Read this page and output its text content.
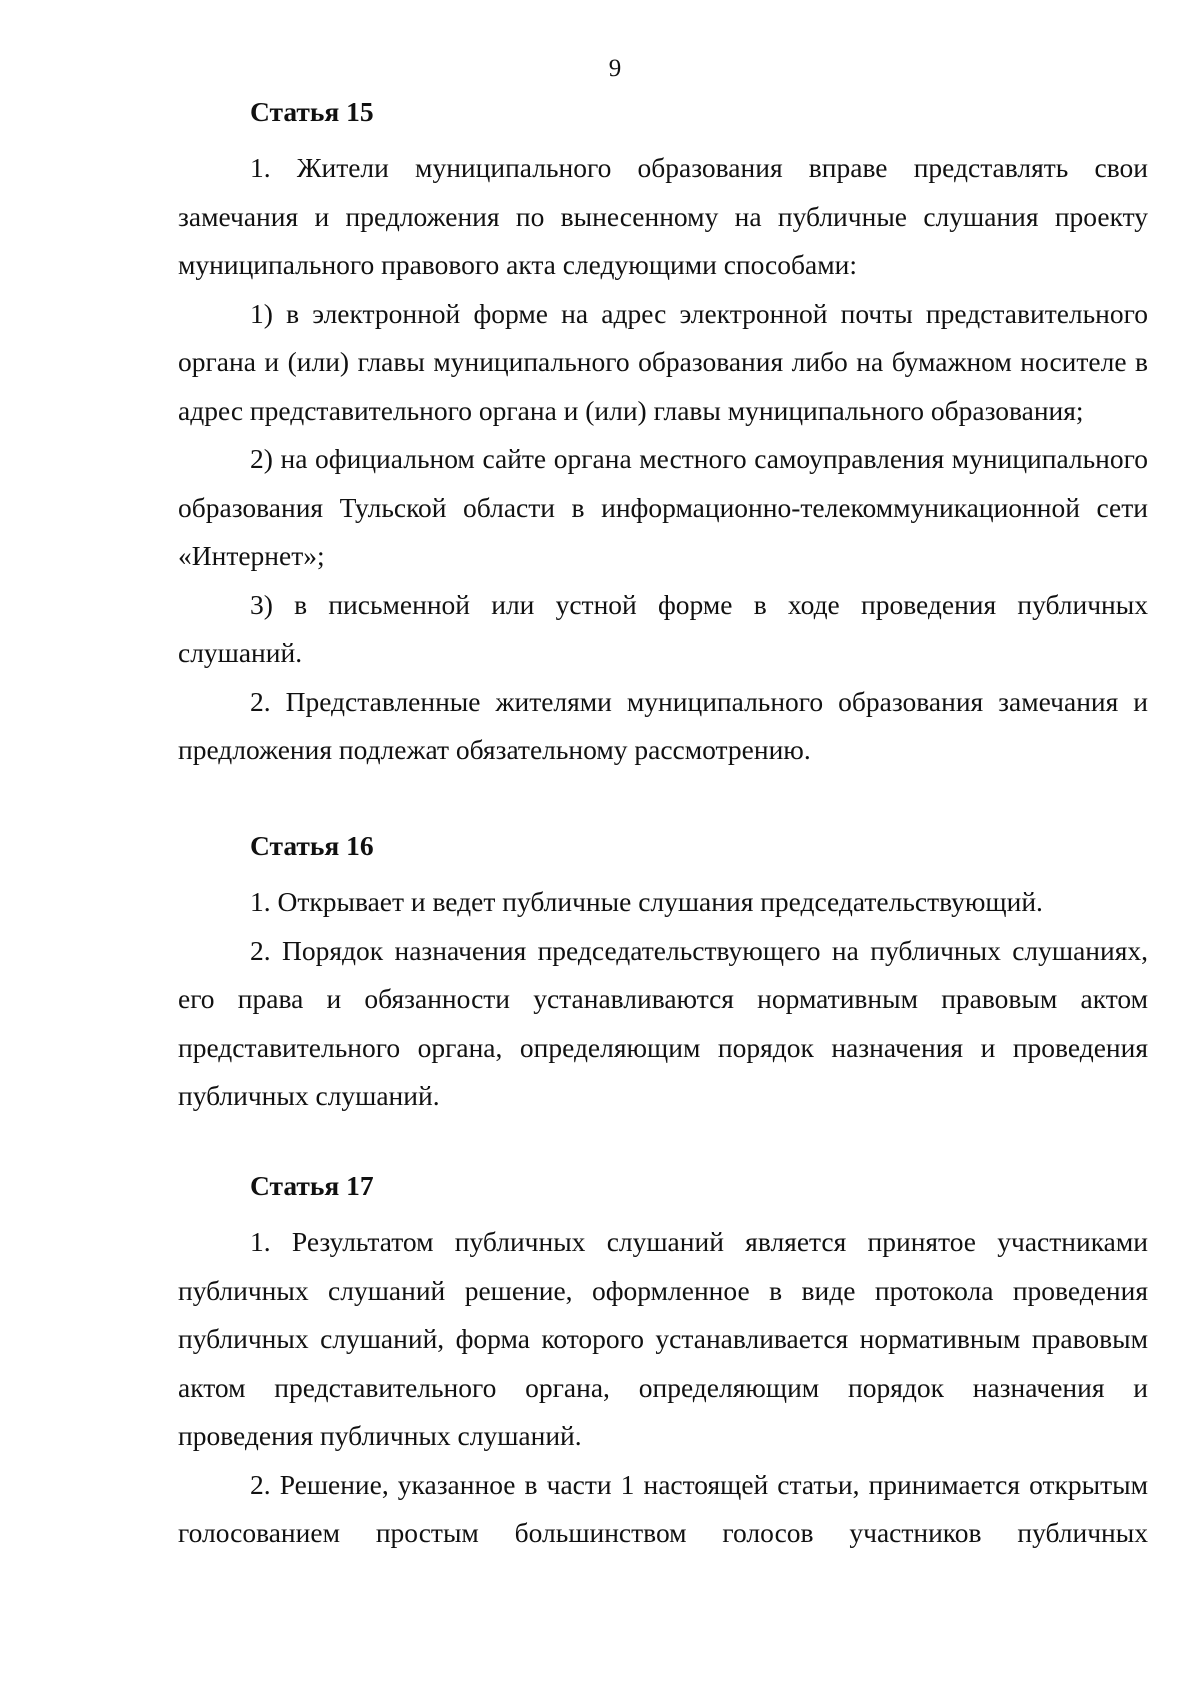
9
Статья 15

1. Жители муниципального образования вправе представлять свои замечания и предложения по вынесенному на публичные слушания проекту муниципального правового акта следующими способами:

1) в электронной форме на адрес электронной почты представительного органа и (или) главы муниципального образования либо на бумажном носителе в адрес представительного органа и (или) главы муниципального образования;

2) на официальном сайте органа местного самоуправления муниципального образования Тульской области в информационно-телекоммуникационной сети «Интернет»;

3) в письменной или устной форме в ходе проведения публичных слушаний.

2. Представленные жителями муниципального образования замечания и предложения подлежат обязательному рассмотрению.

Статья 16

1. Открывает и ведет публичные слушания председательствующий.

2. Порядок назначения председательствующего на публичных слушаниях, его права и обязанности устанавливаются нормативным правовым актом представительного органа, определяющим порядок назначения и проведения публичных слушаний.

Статья 17

1. Результатом публичных слушаний является принятое участниками публичных слушаний решение, оформленное в виде протокола проведения публичных слушаний, форма которого устанавливается нормативным правовым актом представительного органа, определяющим порядок назначения и проведения публичных слушаний.

2. Решение, указанное в части 1 настоящей статьи, принимается открытым голосованием простым большинством голосов участников публичных
